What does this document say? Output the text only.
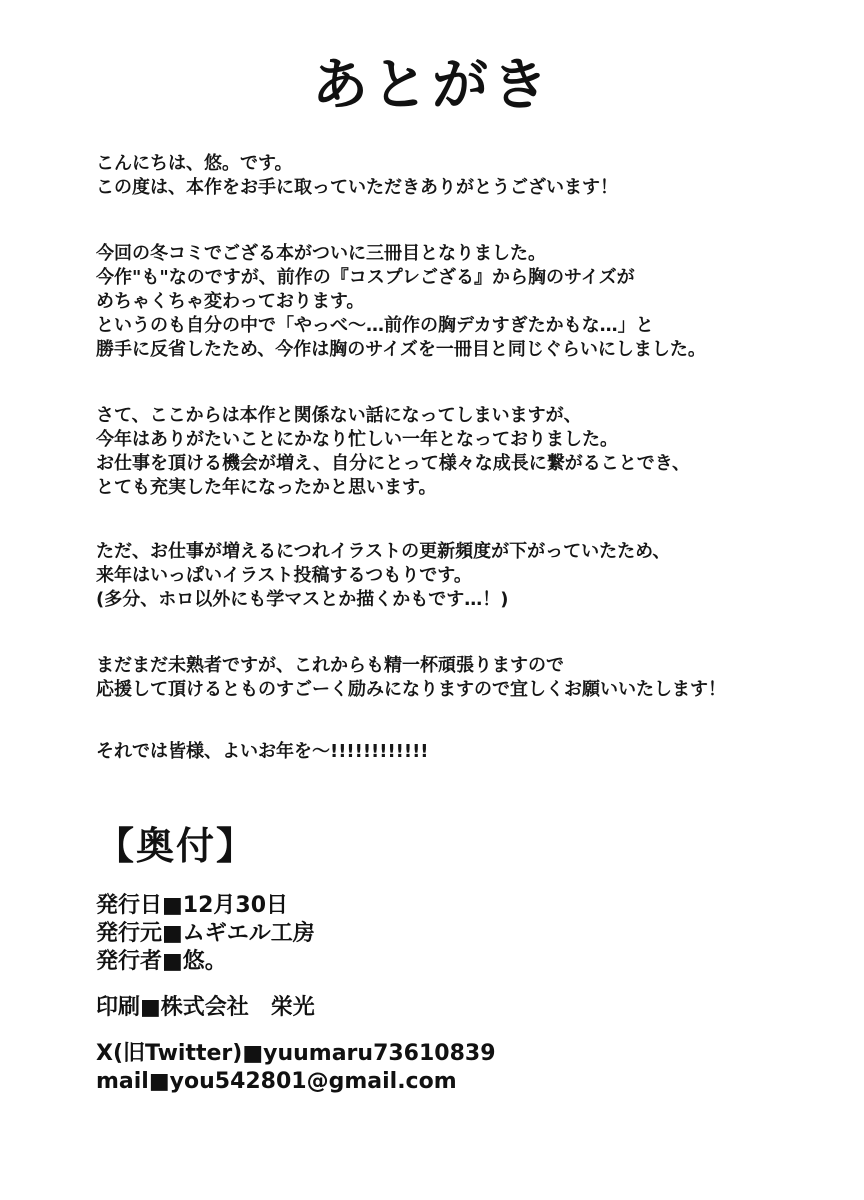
あとがき
こんにちは、悠。です。
この度は、本作をお手に取っていただきありがとうございます！
今回の冬コミでござる本がついに三冊目となりました。
今作"も"なのですが、前作の『コスプレござる』から胸のサイズが
めちゃくちゃ変わっております。
というのも自分の中で「やっべ〜…前作の胸デカすぎたかもな…」と
勝手に反省したため、今作は胸のサイズを一冊目と同じぐらいにしました。
さて、ここからは本作と関係ない話になってしまいますが、
今年はありがたいことにかなり忙しい一年となっておりました。
お仕事を頂ける機会が増え、自分にとって様々な成長に繋がることでき、
とても充実した年になったかと思います。
ただ、お仕事が増えるにつれイラストの更新頻度が下がっていたため、
来年はいっぱいイラスト投稿するつもりです。
(多分、ホロ以外にも学マスとか描くかもです…！)
まだまだ未熟者ですが、これからも精一杯頑張りますので
応援して頂けるとものすごーく励みになりますので宜しくお願いいたします！
それでは皆様、よいお年を〜!!!!!!!!!!!!
【奥付】
発行日■12月30日
発行元■ムギエル工房
発行者■悠。
印刷■株式会社　栄光
X(旧Twitter)■yuumaru73610839
mail■you542801@gmail.com
